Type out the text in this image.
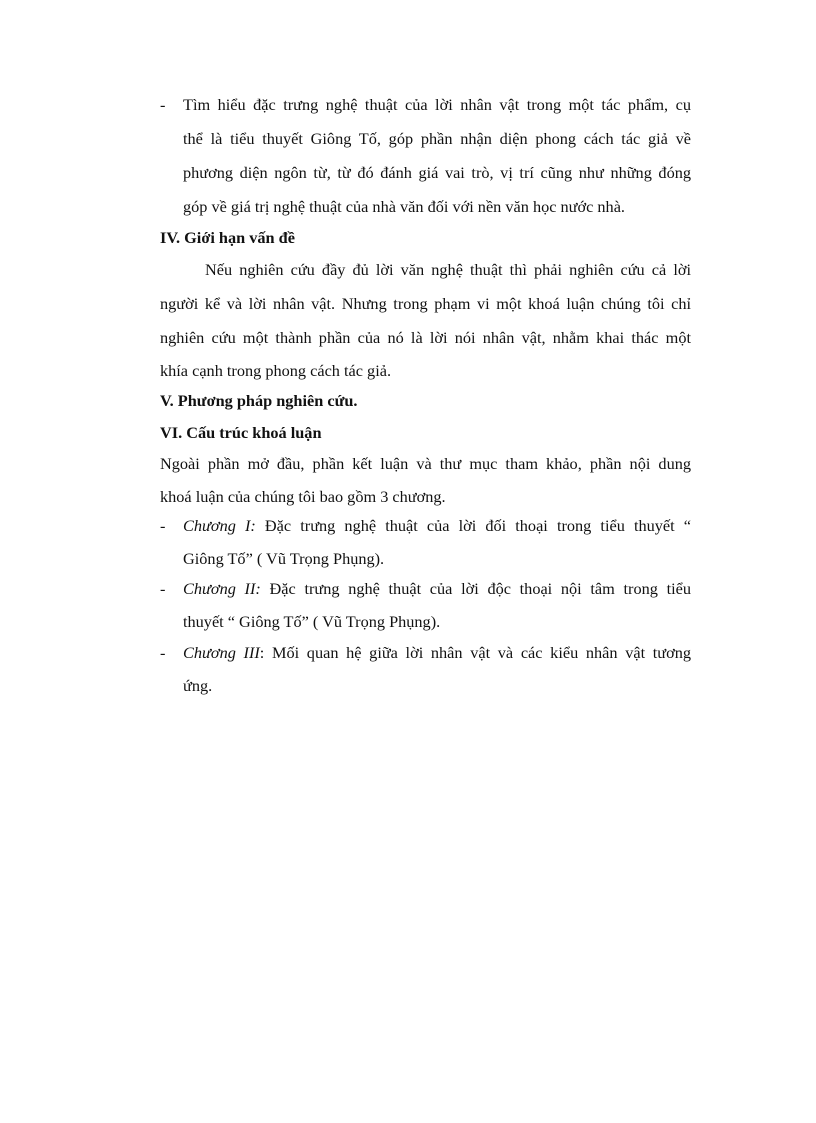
- Tìm hiểu đặc trưng nghệ thuật của lời nhân vật trong một tác phẩm, cụ
thể là tiểu thuyết Giông Tố, góp phần nhận diện phong cách tác giả về
phương diện ngôn từ, từ đó đánh giá vai trò, vị trí cũng như những đóng
góp về giá trị nghệ thuật của nhà văn đối với nền văn học nước nhà.
IV. Giới hạn vấn đề
Nếu nghiên cứu đầy đủ lời văn nghệ thuật thì phải nghiên cứu cả lời
người kể và lời nhân vật. Nhưng trong phạm vi một khoá luận chúng tôi chỉ
nghiên cứu một thành phần của nó là lời nói nhân vật, nhằm khai thác một
khía cạnh trong phong cách tác giả.
V. Phương pháp nghiên cứu.
VI. Cấu trúc khoá luận
Ngoài phần mở đầu, phần kết luận và thư mục tham khảo, phần nội dung
khoá luận của chúng tôi bao gồm 3 chương.
- Chương I: Đặc trưng nghệ thuật của lời đối thoại trong tiểu thuyết “
Giông Tố” ( Vũ Trọng Phụng).
- Chương II: Đặc trưng nghệ thuật của lời độc thoại nội tâm trong tiểu
thuyết “ Giông Tố” ( Vũ Trọng Phụng).
- Chương III: Mối quan hệ giữa lời nhân vật và các kiểu nhân vật tương
ứng.
